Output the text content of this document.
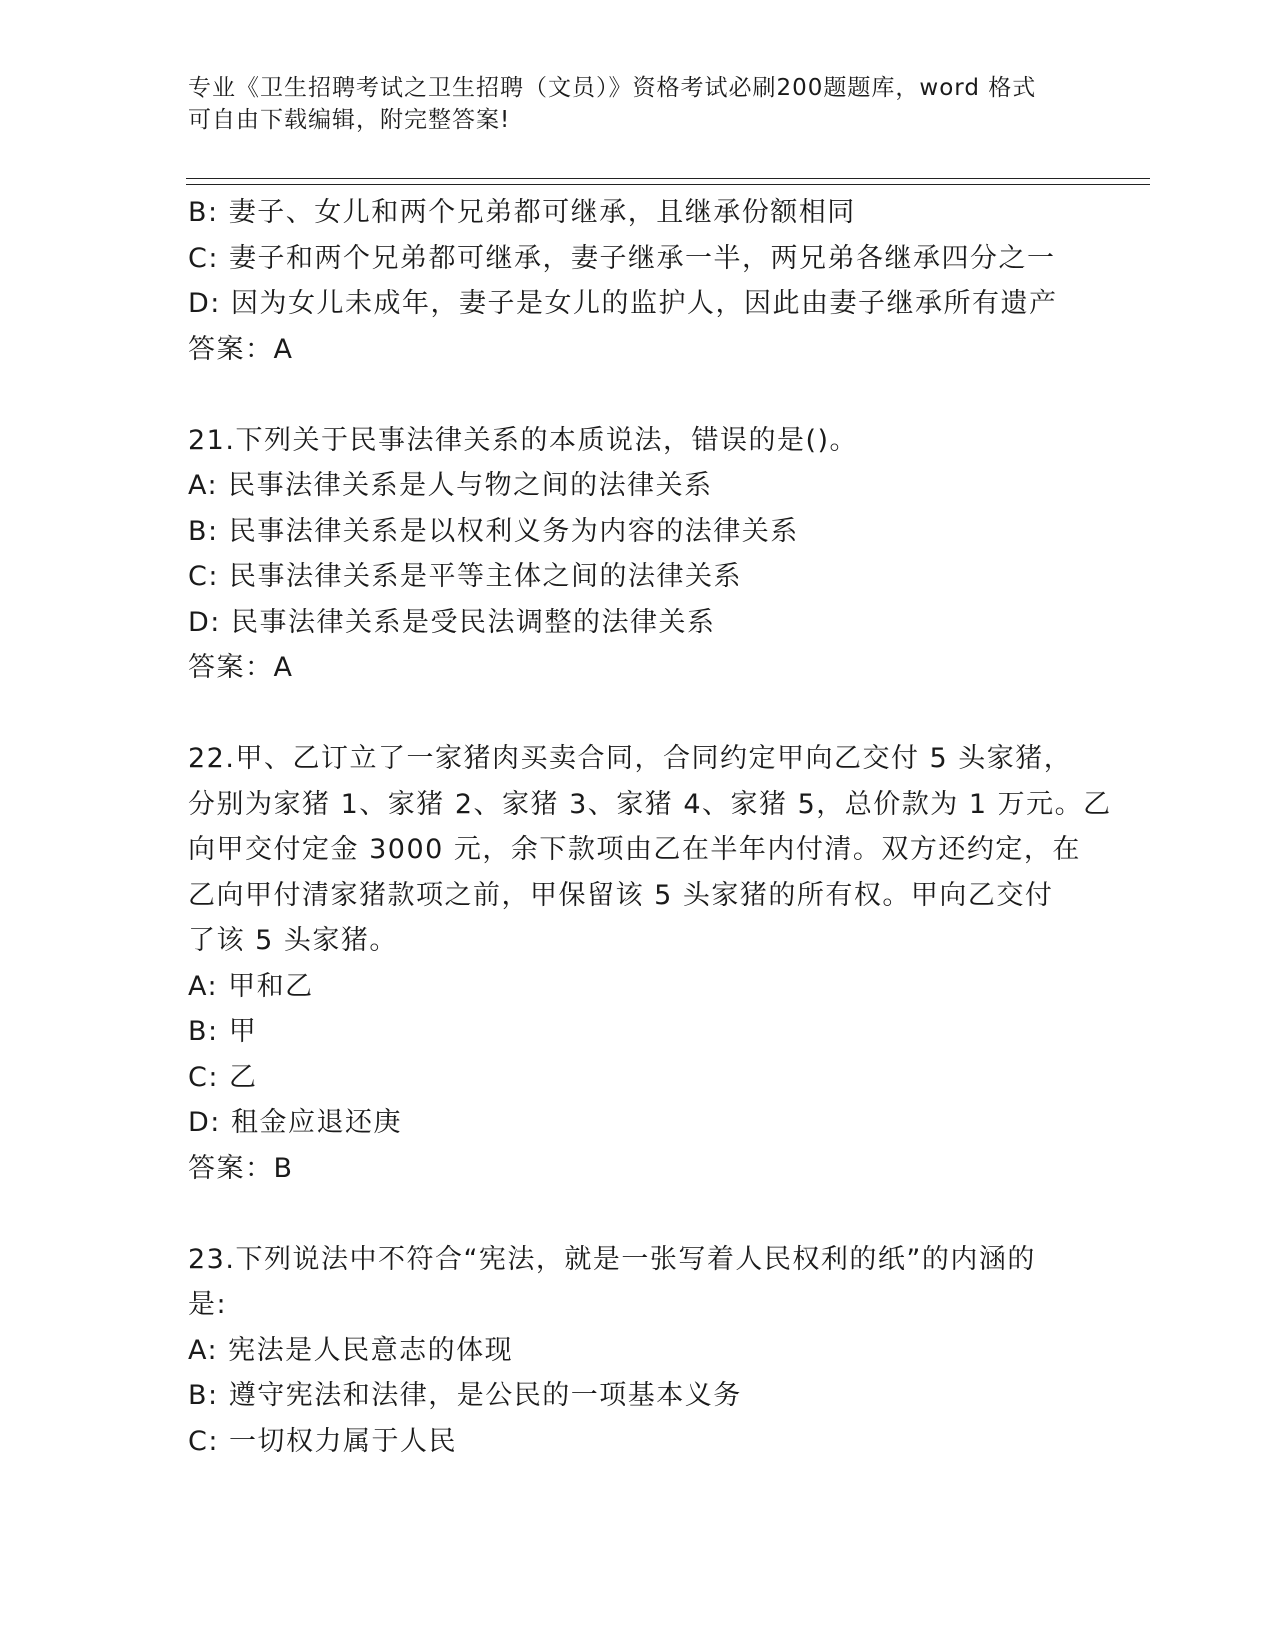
专业《卫生招聘考试之卫生招聘（文员）》资格考试必刷200题题库，word 格式
可自由下载编辑，附完整答案!
B: 妻子、女儿和两个兄弟都可继承，且继承份额相同
C: 妻子和两个兄弟都可继承，妻子继承一半，两兄弟各继承四分之一
D: 因为女儿未成年，妻子是女儿的监护人，因此由妻子继承所有遗产
答案：A
21.下列关于民事法律关系的本质说法，错误的是()。
A: 民事法律关系是人与物之间的法律关系
B: 民事法律关系是以权利义务为内容的法律关系
C: 民事法律关系是平等主体之间的法律关系
D: 民事法律关系是受民法调整的法律关系
答案：A
22.甲、乙订立了一家猪肉买卖合同，合同约定甲向乙交付 5 头家猪，
分别为家猪 1、家猪 2、家猪 3、家猪 4、家猪 5，总价款为 1 万元。乙
向甲交付定金 3000 元，余下款项由乙在半年内付清。双方还约定，在
乙向甲付清家猪款项之前，甲保留该 5 头家猪的所有权。甲向乙交付
了该 5 头家猪。
A: 甲和乙
B: 甲
C: 乙
D: 租金应退还庚
答案：B
23.下列说法中不符合“宪法，就是一张写着人民权利的纸”的内涵的
是:
A: 宪法是人民意志的体现
B: 遵守宪法和法律，是公民的一项基本义务
C: 一切权力属于人民
